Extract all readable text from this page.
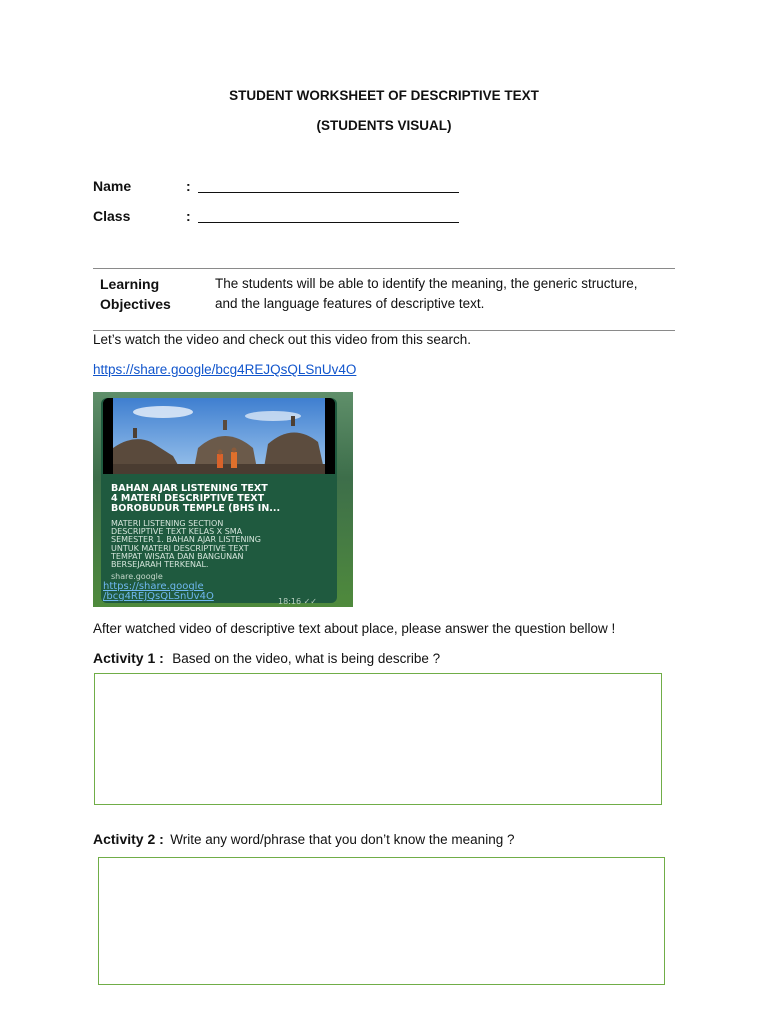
STUDENT WORKSHEET OF DESCRIPTIVE TEXT
(STUDENTS VISUAL)
Name	:
Class	:
Learning
Objectives
The students will be able to identify the meaning, the generic structure,
and the language features of descriptive text.
Let’s watch the video and check out this video from this search.
https://share.google/bcg4REJQsQLSnUv4O
BAHAN AJAR LISTENING TEXT
4 MATERI DESCRIPTIVE TEXT
BOROBUDUR TEMPLE (BHS IN...
MATERI LISTENING SECTION
DESCRIPTIVE TEXT KELAS X SMA
SEMESTER 1. BAHAN AJAR LISTENING
UNTUK MATERI DESCRIPTIVE TEXT
TEMPAT WISATA DAN BANGUNAN
BERSEJARAH TERKENAL.
share.google
https://share.google
/bcg4REJQsQLSnUv4O	18:16 ✓✓
After watched video of descriptive text about place, please answer the question bellow !
Activity 1 : Based on the video, what is being describe ?
Activity 2 : Write any word/phrase that you don’t know the meaning ?
